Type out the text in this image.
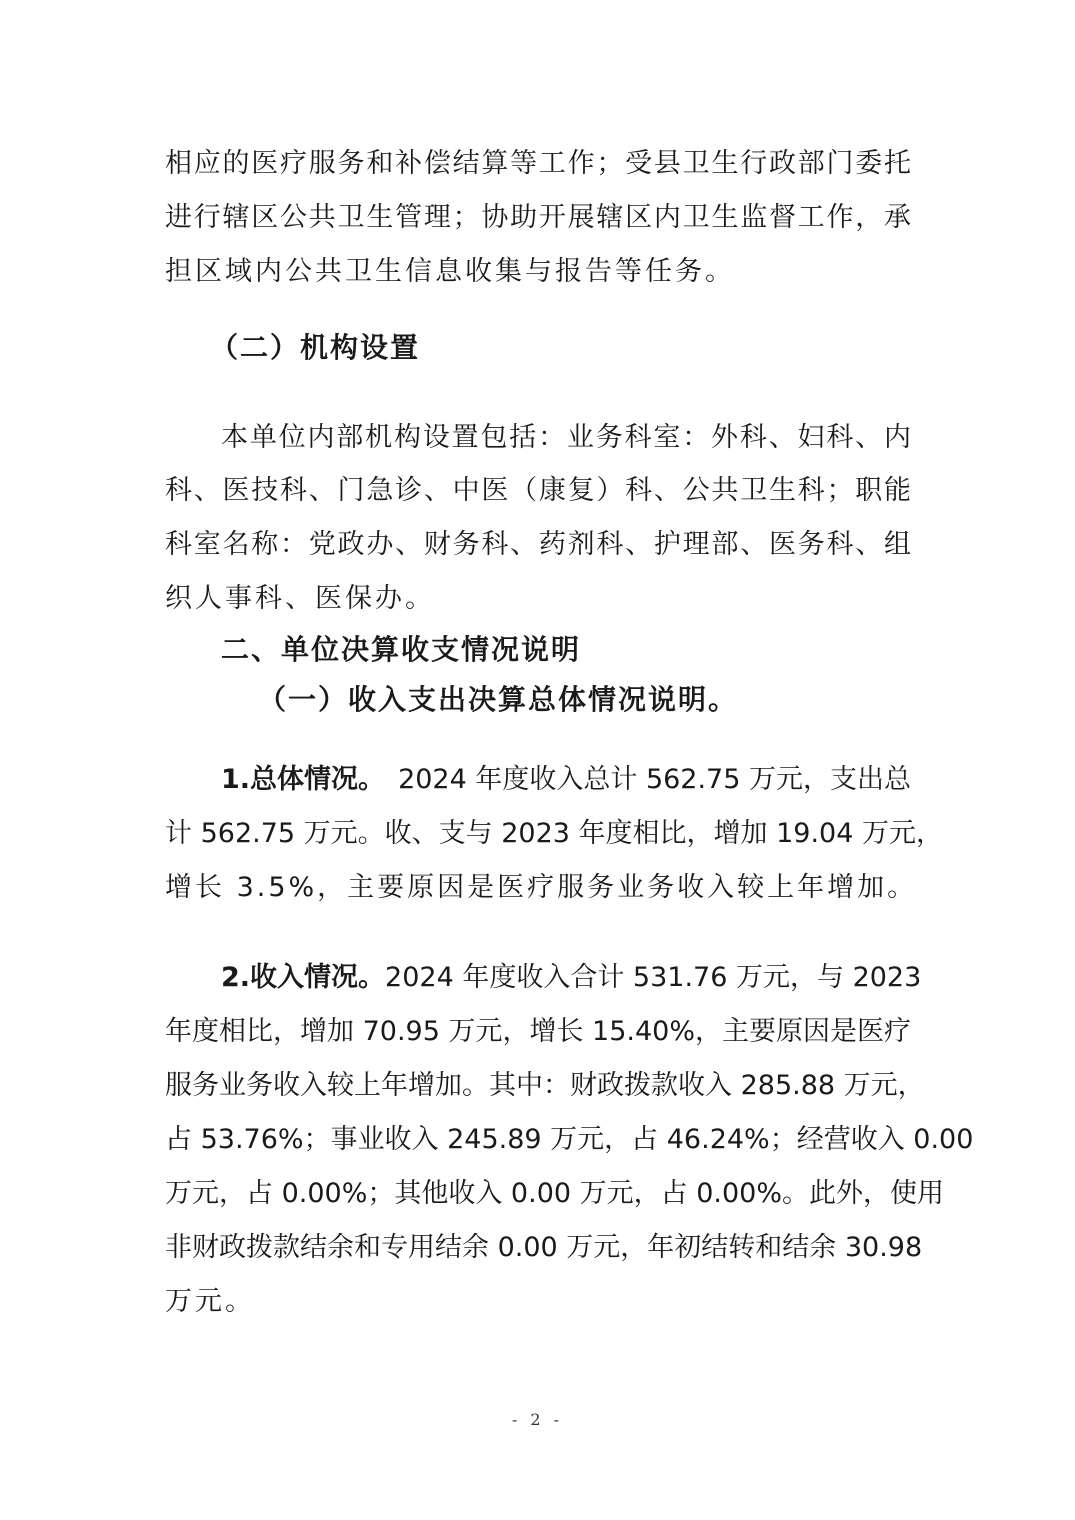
相应的医疗服务和补偿结算等工作；受县卫生行政部门委托
进行辖区公共卫生管理；协助开展辖区内卫生监督工作，承
担区域内公共卫生信息收集与报告等任务。
（二）机构设置
本单位内部机构设置包括：业务科室：外科、妇科、内
科、医技科、门急诊、中医（康复）科、公共卫生科；职能
科室名称：党政办、财务科、药剂科、护理部、医务科、组
织人事科、医保办。
二、单位决算收支情况说明
（一）收入支出决算总体情况说明。
1.总体情况。 2024 年度收入总计 562.75 万元，支出总
计 562.75 万元。收、支与 2023 年度相比，增加 19.04 万元，
增长 3.5%，主要原因是医疗服务业务收入较上年增加。
2.收入情况。 2024 年度收入合计 531.76 万元，与 2023
年度相比，增加 70.95 万元，增长 15.40%，主要原因是医疗
服务业务收入较上年增加。其中：财政拨款收入 285.88 万元，
占 53.76%；事业收入 245.89 万元，占 46.24%；经营收入 0.00
万元，占 0.00%；其他收入 0.00 万元，占 0.00%。此外，使用
非财政拨款结余和专用结余 0.00 万元，年初结转和结余 30.98
万元。
- 2 -
